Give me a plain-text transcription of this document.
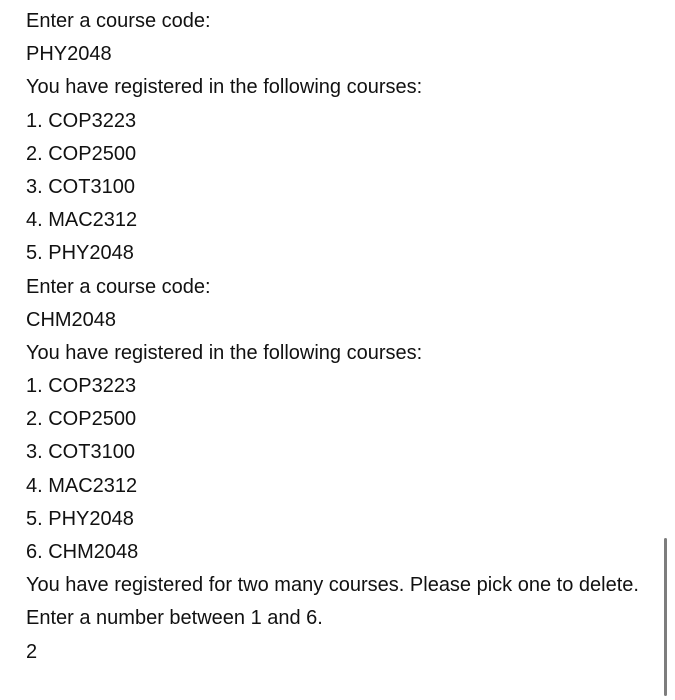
Enter a course code:
PHY2048
You have registered in the following courses:
1. COP3223
2. COP2500
3. COT3100
4. MAC2312
5. PHY2048
Enter a course code:
CHM2048
You have registered in the following courses:
1. COP3223
2. COP2500
3. COT3100
4. MAC2312
5. PHY2048
6. CHM2048
You have registered for two many courses. Please pick one to delete.
Enter a number between 1 and 6.
2
